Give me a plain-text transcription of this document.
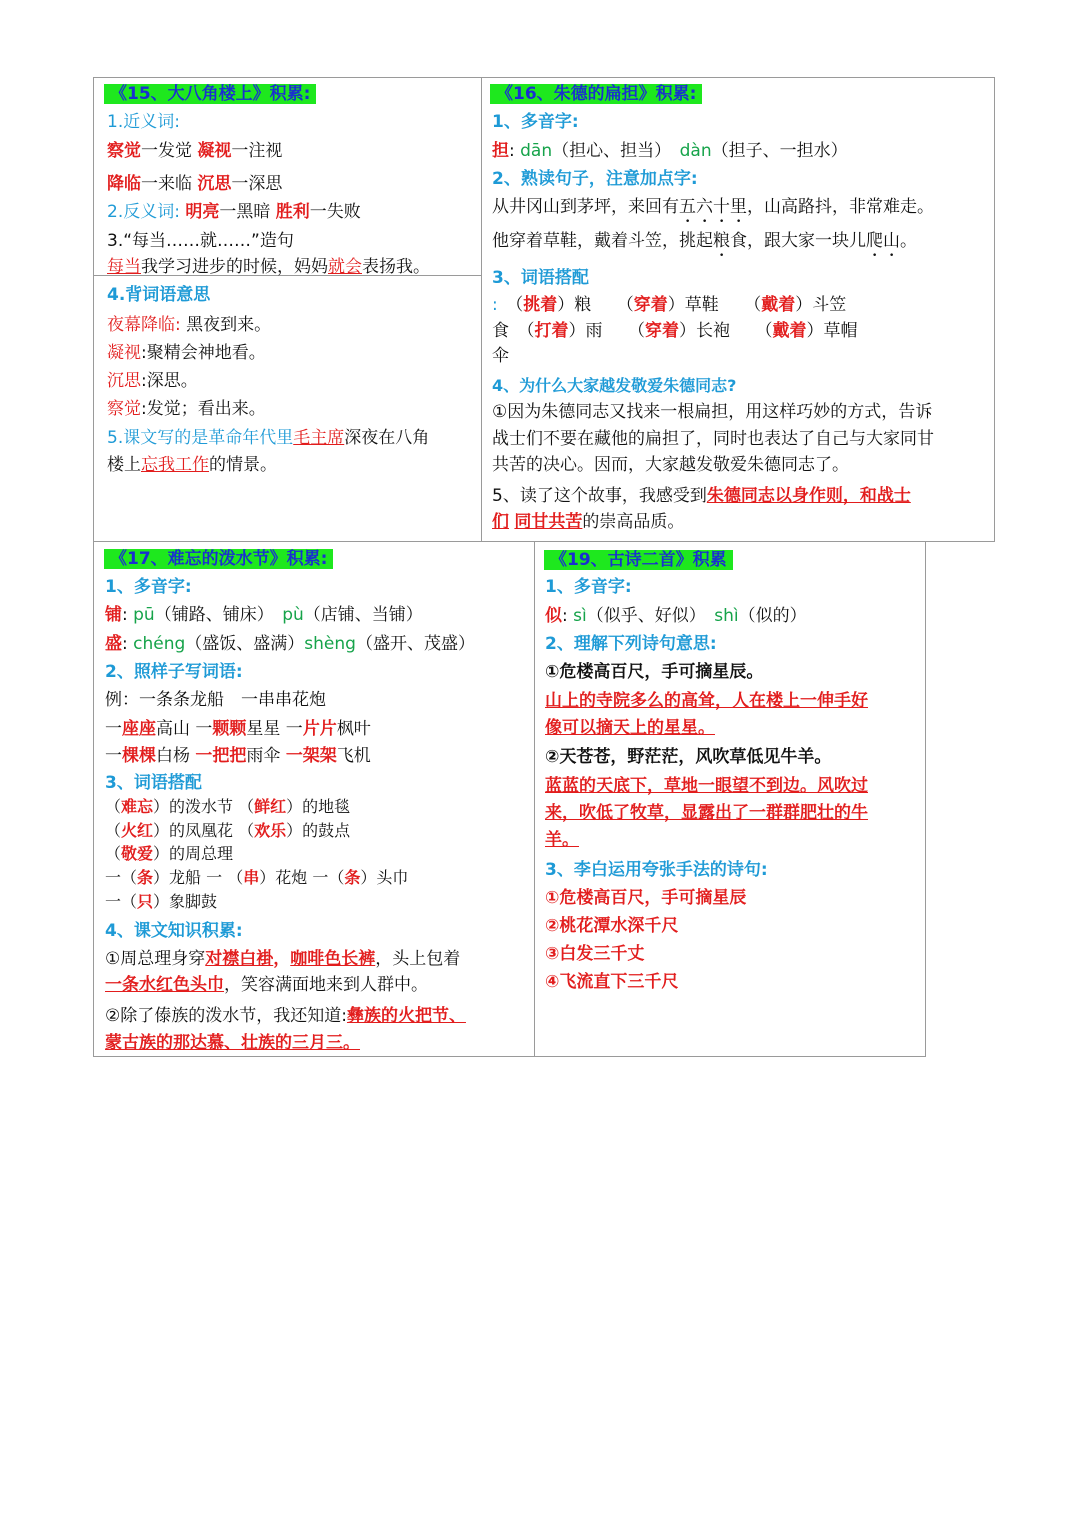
《15、大八角楼上》积累:
1.近义词:
察觉一发觉 凝视一注视
降临一来临 沉思一深思
2.反义词: 明亮一黑暗 胜利一失败
3.“每当……就……”造句
每当我学习进步的时候，妈妈就会表扬我。
4.背词语意思
夜幕降临: 黑夜到来。
凝视:聚精会神地看。
沉思:深思。
察觉:发觉；看出来。
5.课文写的是革命年代里毛主席深夜在八角
楼上忘我工作的情景。
《16、朱德的扁担》积累:
1、多音字:
担: dān（担心、担当）　 dàn（担子、一担水）
2、熟读句子，注意加点字:
从井冈山到茅坪，来回有五六十里，山高路抖，非常难走。
他穿着草鞋，戴着斗笠，挑起粮食，跟大家一块儿爬山。
3、词语搭配
:　 （挑着）粮　　 （穿着）草鞋　　 （戴着）斗笠
食　 （打着）雨　　 （穿着）长袍　　 （戴着）草帽
伞
4、为什么大家越发敬爱朱德同志?
①因为朱德同志又找来一根扁担，用这样巧妙的方式，告诉
战士们不要在藏他的扁担了，同时也表达了自己与大家同甘
共苦的决心。因而，大家越发敬爱朱德同志了。
5、读了这个故事，我感受到朱德同志以身作则，和战士
们 同甘共苦的崇高品质。
《17、难忘的泼水节》积累:
1、多音字:
铺: pū（铺路、铺床）　 pù（店铺、当铺）
盛: chéng（盛饭、盛满）shèng（盛开、茂盛）
2、照样子写词语:
例：一条条龙船　一串串花炮
一座座高山 一颗颗星星 一片片枫叶
一棵棵白杨 一把把雨伞 一架架飞机
3、词语搭配
（难忘）的泼水节 （鲜红）的地毯
（火红）的凤凰花 （欢乐）的鼓点
（敬爱）的周总理
一（条）龙船 一 （串）花炮 一（条）头巾
一（只）象脚鼓
4、课文知识积累:
①周总理身穿对襟白褂，咖啡色长裤，头上包着
一条水红色头巾，笑容满面地来到人群中。
②除了傣族的泼水节，我还知道:彝族的火把节、
蒙古族的那达慕、壮族的三月三。
《19、古诗二首》积累
1、多音字:
似: sì（似乎、好似）　 shì（似的）
2、理解下列诗句意思:
①危楼高百尺，手可摘星辰。
山上的寺院多么的高耸，人在楼上一伸手好
像可以摘天上的星星。
②天苍苍，野茫茫，风吹草低见牛羊。
蓝蓝的天底下，草地一眼望不到边。风吹过
来，吹低了牧草，显露出了一群群肥壮的牛
羊。
3、李白运用夸张手法的诗句:
①危楼高百尺，手可摘星辰
②桃花潭水深千尺
③白发三千丈
④飞流直下三千尺
